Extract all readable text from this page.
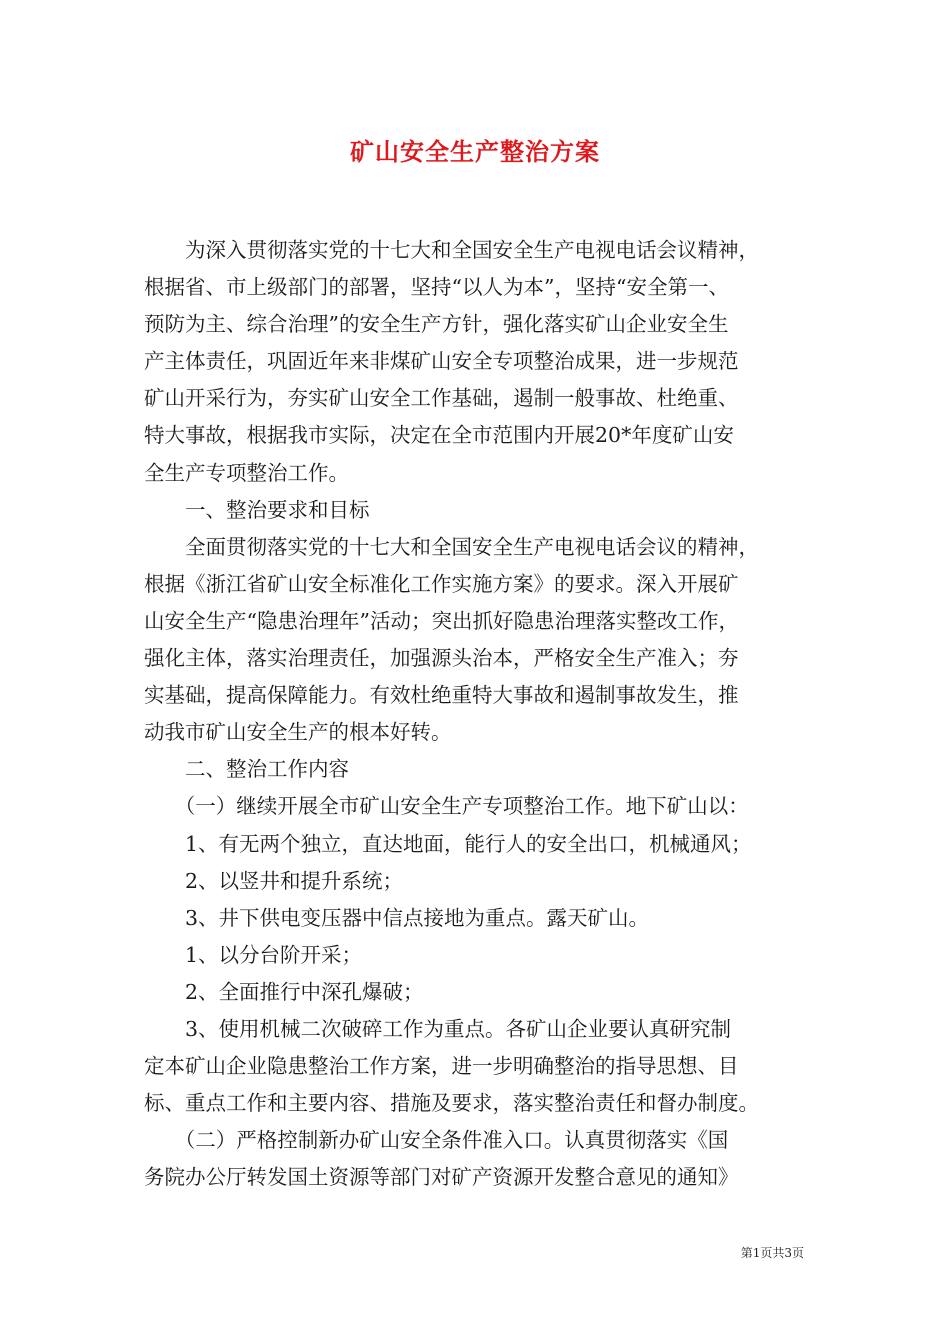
矿山安全生产整治方案
　　为深入贯彻落实党的十七大和全国安全生产电视电话会议精神，
根据省、市上级部门的部署，坚持“以人为本”，坚持“安全第一、
预防为主、综合治理”的安全生产方针，强化落实矿山企业安全生
产主体责任，巩固近年来非煤矿山安全专项整治成果，进一步规范
矿山开采行为，夯实矿山安全工作基础，遏制一般事故、杜绝重、
特大事故，根据我市实际，决定在全市范围内开展20*年度矿山安
全生产专项整治工作。
　　一、整治要求和目标
　　全面贯彻落实党的十七大和全国安全生产电视电话会议的精神，
根据《浙江省矿山安全标准化工作实施方案》的要求。深入开展矿
山安全生产“隐患治理年”活动；突出抓好隐患治理落实整改工作，
强化主体，落实治理责任，加强源头治本，严格安全生产准入；夯
实基础，提高保障能力。有效杜绝重特大事故和遏制事故发生，推
动我市矿山安全生产的根本好转。
　　二、整治工作内容
　　（一）继续开展全市矿山安全生产专项整治工作。地下矿山以：
　　1、有无两个独立，直达地面，能行人的安全出口，机械通风；
　　2、以竖井和提升系统；
　　3、井下供电变压器中信点接地为重点。露天矿山。
　　1、以分台阶开采；
　　2、全面推行中深孔爆破；
　　3、使用机械二次破碎工作为重点。各矿山企业要认真研究制
定本矿山企业隐患整治工作方案，进一步明确整治的指导思想、目
标、重点工作和主要内容、措施及要求，落实整治责任和督办制度。
　　（二）严格控制新办矿山安全条件准入口。认真贯彻落实《国
务院办公厅转发国土资源等部门对矿产资源开发整合意见的通知》
第1页共3页
